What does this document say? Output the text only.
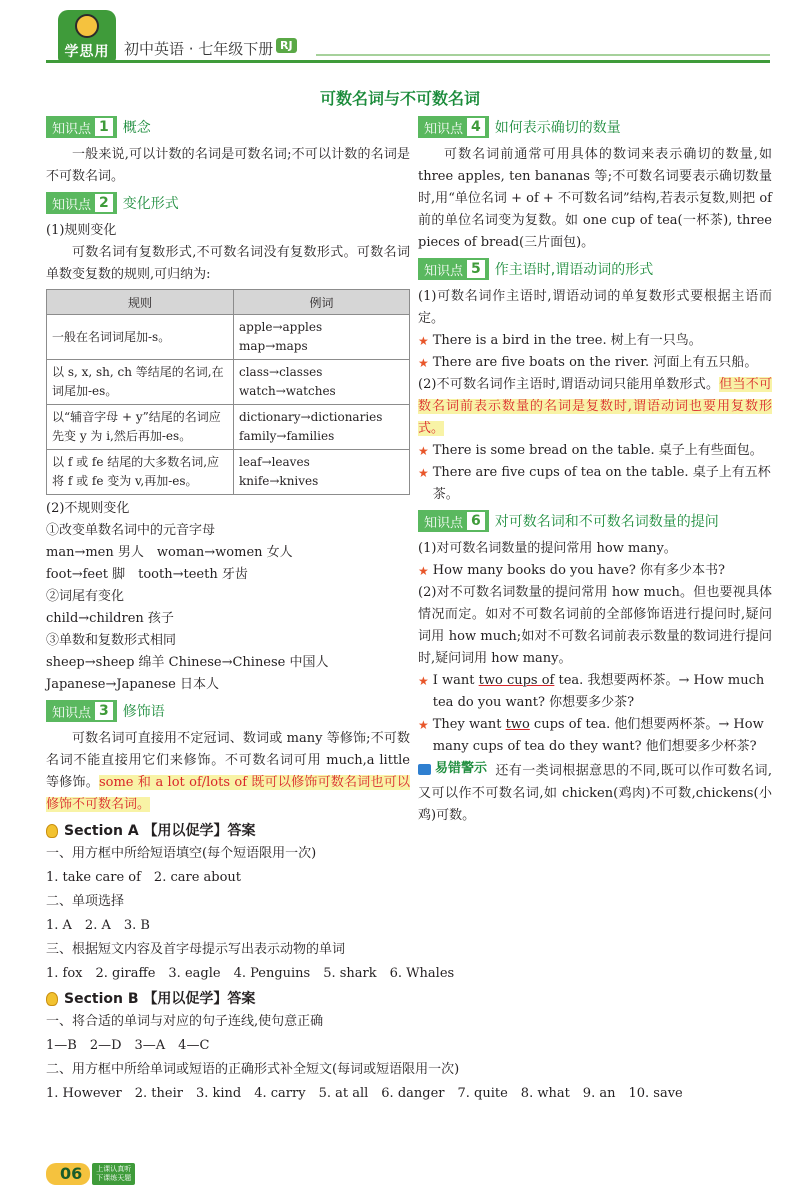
学思用 初中英语 · 七年级下册 RJ
可数名词与不可数名词
知识点 1 概念

一般来说,可以计数的名词是可数名词;不可以计数的名词是不可数名词。

知识点 2 变化形式
(1)规则变化

可数名词有复数形式,不可数名词没有复数形式。可数名词单数变复数的规则,可归纳为:

规则	例词
一般在名词词尾加-s。	apple→apples
map→maps

以 s, x, sh, ch 等结尾的名词,在词尾加-es。	class→classes
watch→watches

以“辅音字母 + y”结尾的名词应先变 y 为 i,然后再加-es。	dictionary→dictionaries
family→families

以 f 或 fe 结尾的大多数名词,应将 f 或 fe 变为 v,再加-es。	leaf→leaves
knife→knives
(2)不规则变化
①改变单数名词中的元音字母
man→men 男人　woman→women 女人
foot→feet 脚　tooth→teeth 牙齿
②词尾有变化
child→children 孩子
③单数和复数形式相同
sheep→sheep 绵羊 Chinese→Chinese 中国人
Japanese→Japanese 日本人
知识点 3 修饰语

可数名词可直接用不定冠词、数词或 many 等修饰;不可数名词不能直接用它们来修饰。不可数名词可用 much,a little 等修饰。some 和 a lot of/lots of 既可以修饰可数名词也可以修饰不可数名词。

知识点 4 如何表示确切的数量

可数名词前通常可用具体的数词来表示确切的数量,如 three apples, ten bananas 等;不可数名词要表示确切数量时,用“单位名词 + of + 不可数名词”结构,若表示复数,则把 of 前的单位名词变为复数。如 one cup of tea(一杯茶), three pieces of bread(三片面包)。

知识点 5 作主语时,谓语动词的形式

(1)可数名词作主语时,谓语动词的单复数形式要根据主语而定。

★ There is a bird in the tree. 树上有一只鸟。
★ There are five boats on the river. 河面上有五只船。

(2)不可数名词作主语时,谓语动词只能用单数形式。但当不可数名词前表示数量的名词是复数时,谓语动词也要用复数形式。

★ There is some bread on the table. 桌子上有些面包。
★ There are five cups of tea on the table. 桌子上有五杯茶。
知识点 6 对可数名词和不可数名词数量的提问

(1)对可数名词数量的提问常用 how many。

★ How many books do you have? 你有多少本书?

(2)对不可数名词数量的提问常用 how much。但也要视具体情况而定。如对不可数名词前的全部修饰语进行提问时,疑问词用 how much;如对不可数名词前表示数量的数词进行提问时,疑问词用 how many。

★ I want two cups of tea. 我想要两杯茶。→ How much tea do you want? 你想要多少茶?
★ They want two cups of tea. 他们想要两杯茶。→ How many cups of tea do they want? 他们想要多少杯茶?

易错警示 还有一类词根据意思的不同,既可以作可数名词,又可以作不可数名词,如 chicken(鸡肉)不可数,chickens(小鸡)可数。

Section A 【用以促学】答案
一、用方框中所给短语填空(每个短语限用一次)
1. take care of　2. care about
二、单项选择
1. A　2. A　3. B
三、根据短文内容及首字母提示写出表示动物的单词
1. fox　2. giraffe　3. eagle　4. Penguins　5. shark　6. Whales
Section B 【用以促学】答案
一、将合适的单词与对应的句子连线,使句意正确
1—B　2—D　3—A　4—C
二、用方框中所给单词或短语的正确形式补全短文(每词或短语限用一次)
1. However　2. their　3. kind　4. carry　5. at all　6. danger　7. quite　8. what　9. an　10. save
06	上课认真听
下课练天题
